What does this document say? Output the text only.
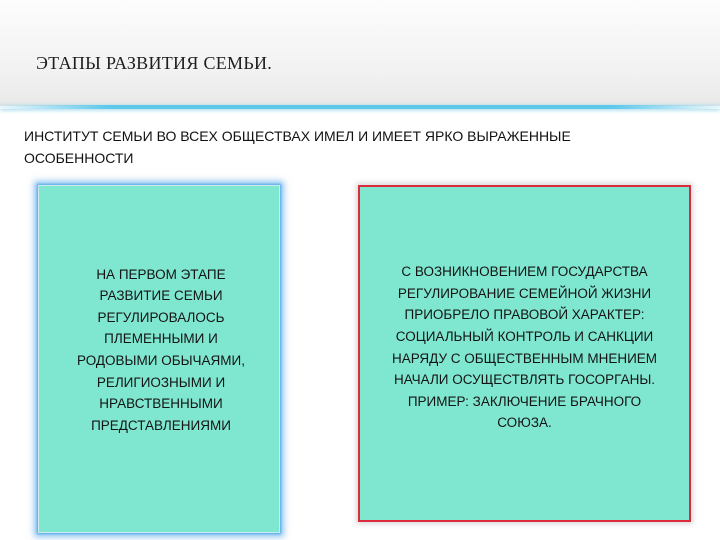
ЭТАПЫ РАЗВИТИЯ СЕМЬИ.
ИНСТИТУТ СЕМЬИ ВО ВСЕХ ОБЩЕСТВАХ ИМЕЛ И ИМЕЕТ ЯРКО ВЫРАЖЕННЫЕ ОСОБЕННОСТИ
НА ПЕРВОМ ЭТАПЕ
РАЗВИТИЕ СЕМЬИ
РЕГУЛИРОВАЛОСЬ
ПЛЕМЕННЫМИ И
РОДОВЫМИ ОБЫЧАЯМИ,
РЕЛИГИОЗНЫМИ И
НРАВСТВЕННЫМИ
ПРЕДСТАВЛЕНИЯМИ
С ВОЗНИКНОВЕНИЕМ ГОСУДАРСТВА
РЕГУЛИРОВАНИЕ СЕМЕЙНОЙ ЖИЗНИ
ПРИОБРЕЛО ПРАВОВОЙ ХАРАКТЕР:
СОЦИАЛЬНЫЙ КОНТРОЛЬ И САНКЦИИ
НАРЯДУ С ОБЩЕСТВЕННЫМ МНЕНИЕМ
НАЧАЛИ ОСУЩЕСТВЛЯТЬ ГОСОРГАНЫ.
ПРИМЕР: ЗАКЛЮЧЕНИЕ БРАЧНОГО
СОЮЗА.
